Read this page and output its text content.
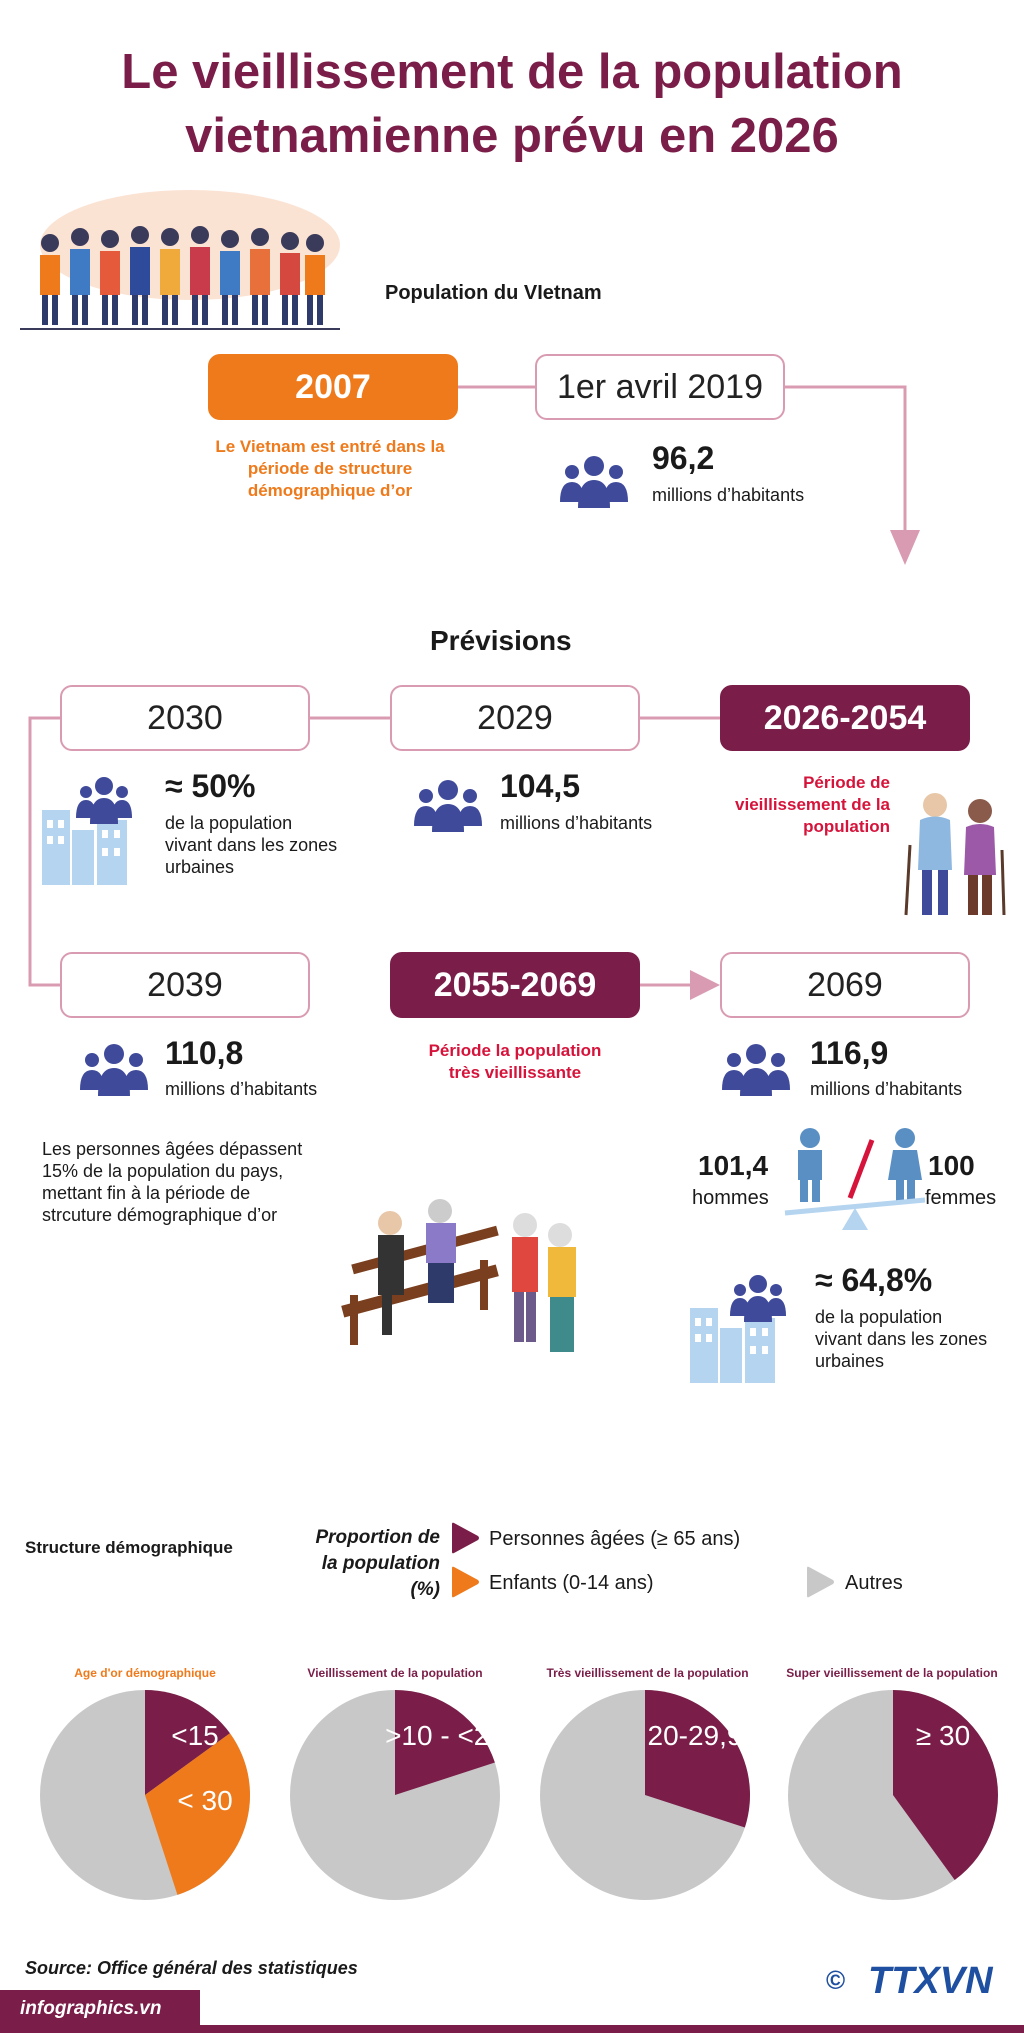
Le vieillissement de la population
vietnamienne prévu en 2026
Population du VIetnam
2007
Le Vietnam est entré dans la
période de structure
démographique d’or
1er avril 2019
96,2
millions d’habitants
Prévisions
2030	2029	2026-2054
≈ 50%
de la population
vivant dans les zones
urbaines
104,5
millions d’habitants
Période de
vieillissement de la
population
2039	2055-2069	2069
110,8
millions d’habitants
Période la population
très vieillissante
116,9
millions d’habitants
Les personnes âgées dépassent
15% de la population du pays,
mettant fin à la période de
strcuture démographique d’or
101,4
hommes
100
femmes
≈ 64,8%
de la population
vivant dans les zones
urbaines
Structure démographique	Proportion de
la population
(%)
Personnes âgées (≥ 65 ans)
Enfants (0-14 ans)	Autres
Age d'or démographique	Vieillissement de la population	Très vieillissement de la population	Super vieillissement de la population
<15
< 30
>10 - <20	20-29,9	≥ 30
Source: Office général des statistiques
infographics.vn
© TTXVN
